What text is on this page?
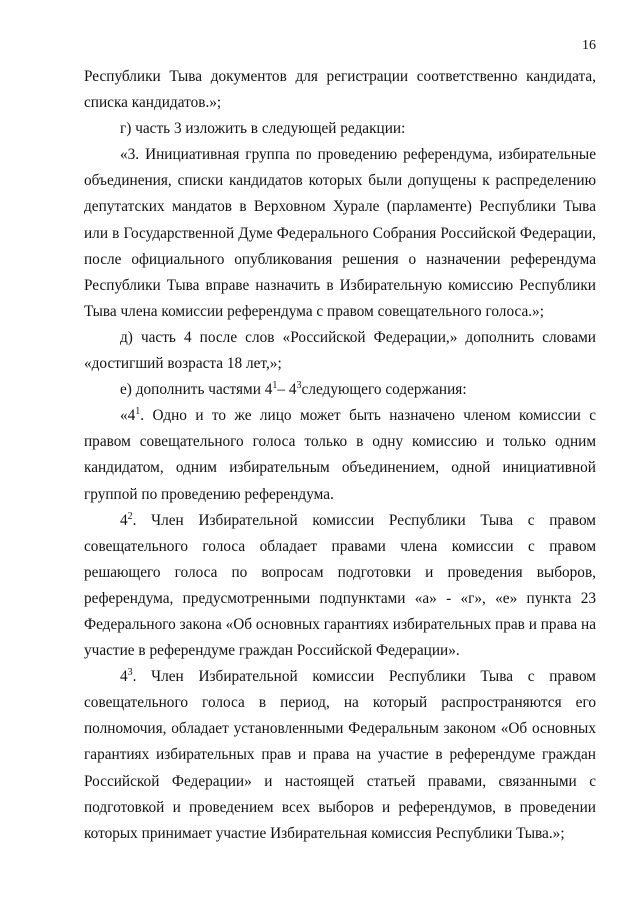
16

Республики Тыва документов для регистрации соответственно кандидата, списка кандидатов.»;

г) часть 3 изложить в следующей редакции:

«3. Инициативная группа по проведению референдума, избирательные объединения, списки кандидатов которых были допущены к распределению депутатских мандатов в Верховном Хурале (парламенте) Республики Тыва или в Государственной Думе Федерального Собрания Российской Федерации, после официального опубликования решения о назначении референдума Республики Тыва вправе назначить в Избирательную комиссию Республики Тыва члена комиссии референдума с правом совещательного голоса.»;

д) часть 4 после слов «Российской Федерации,» дополнить словами «достигший возраста 18 лет,»;

е) дополнить частями $4^1-$ $4^3следующего$ содержания:

«$4^1$. Одно и то же лицо может быть назначено членом комиссии с правом совещательного голоса только в одну комиссию и только одним кандидатом, одним избирательным объединением, одной инициативной группой по проведению референдума.

$4^2$. Член Избирательной комиссии Республики Тыва с правом совещательного голоса обладает правами члена комиссии с правом решающего голоса по вопросам подготовки и проведения выборов, референдума, предусмотренными подпунктами «а» - «г», «е» пункта 23 Федерального закона «Об основных гарантиях избирательных прав и права на участие в референдуме граждан Российской Федерации».

$4^3$. Член Избирательной комиссии Республики Тыва с правом совещательного голоса в период, на который распространяются его полномочия, обладает установленными Федеральным законом «Об основных гарантиях избирательных прав и права на участие в референдуме граждан Российской Федерации» и настоящей статьей правами, связанными с подготовкой и проведением всех выборов и референдумов, в проведении которых принимает участие Избирательная комиссия Республики Тыва.»;
